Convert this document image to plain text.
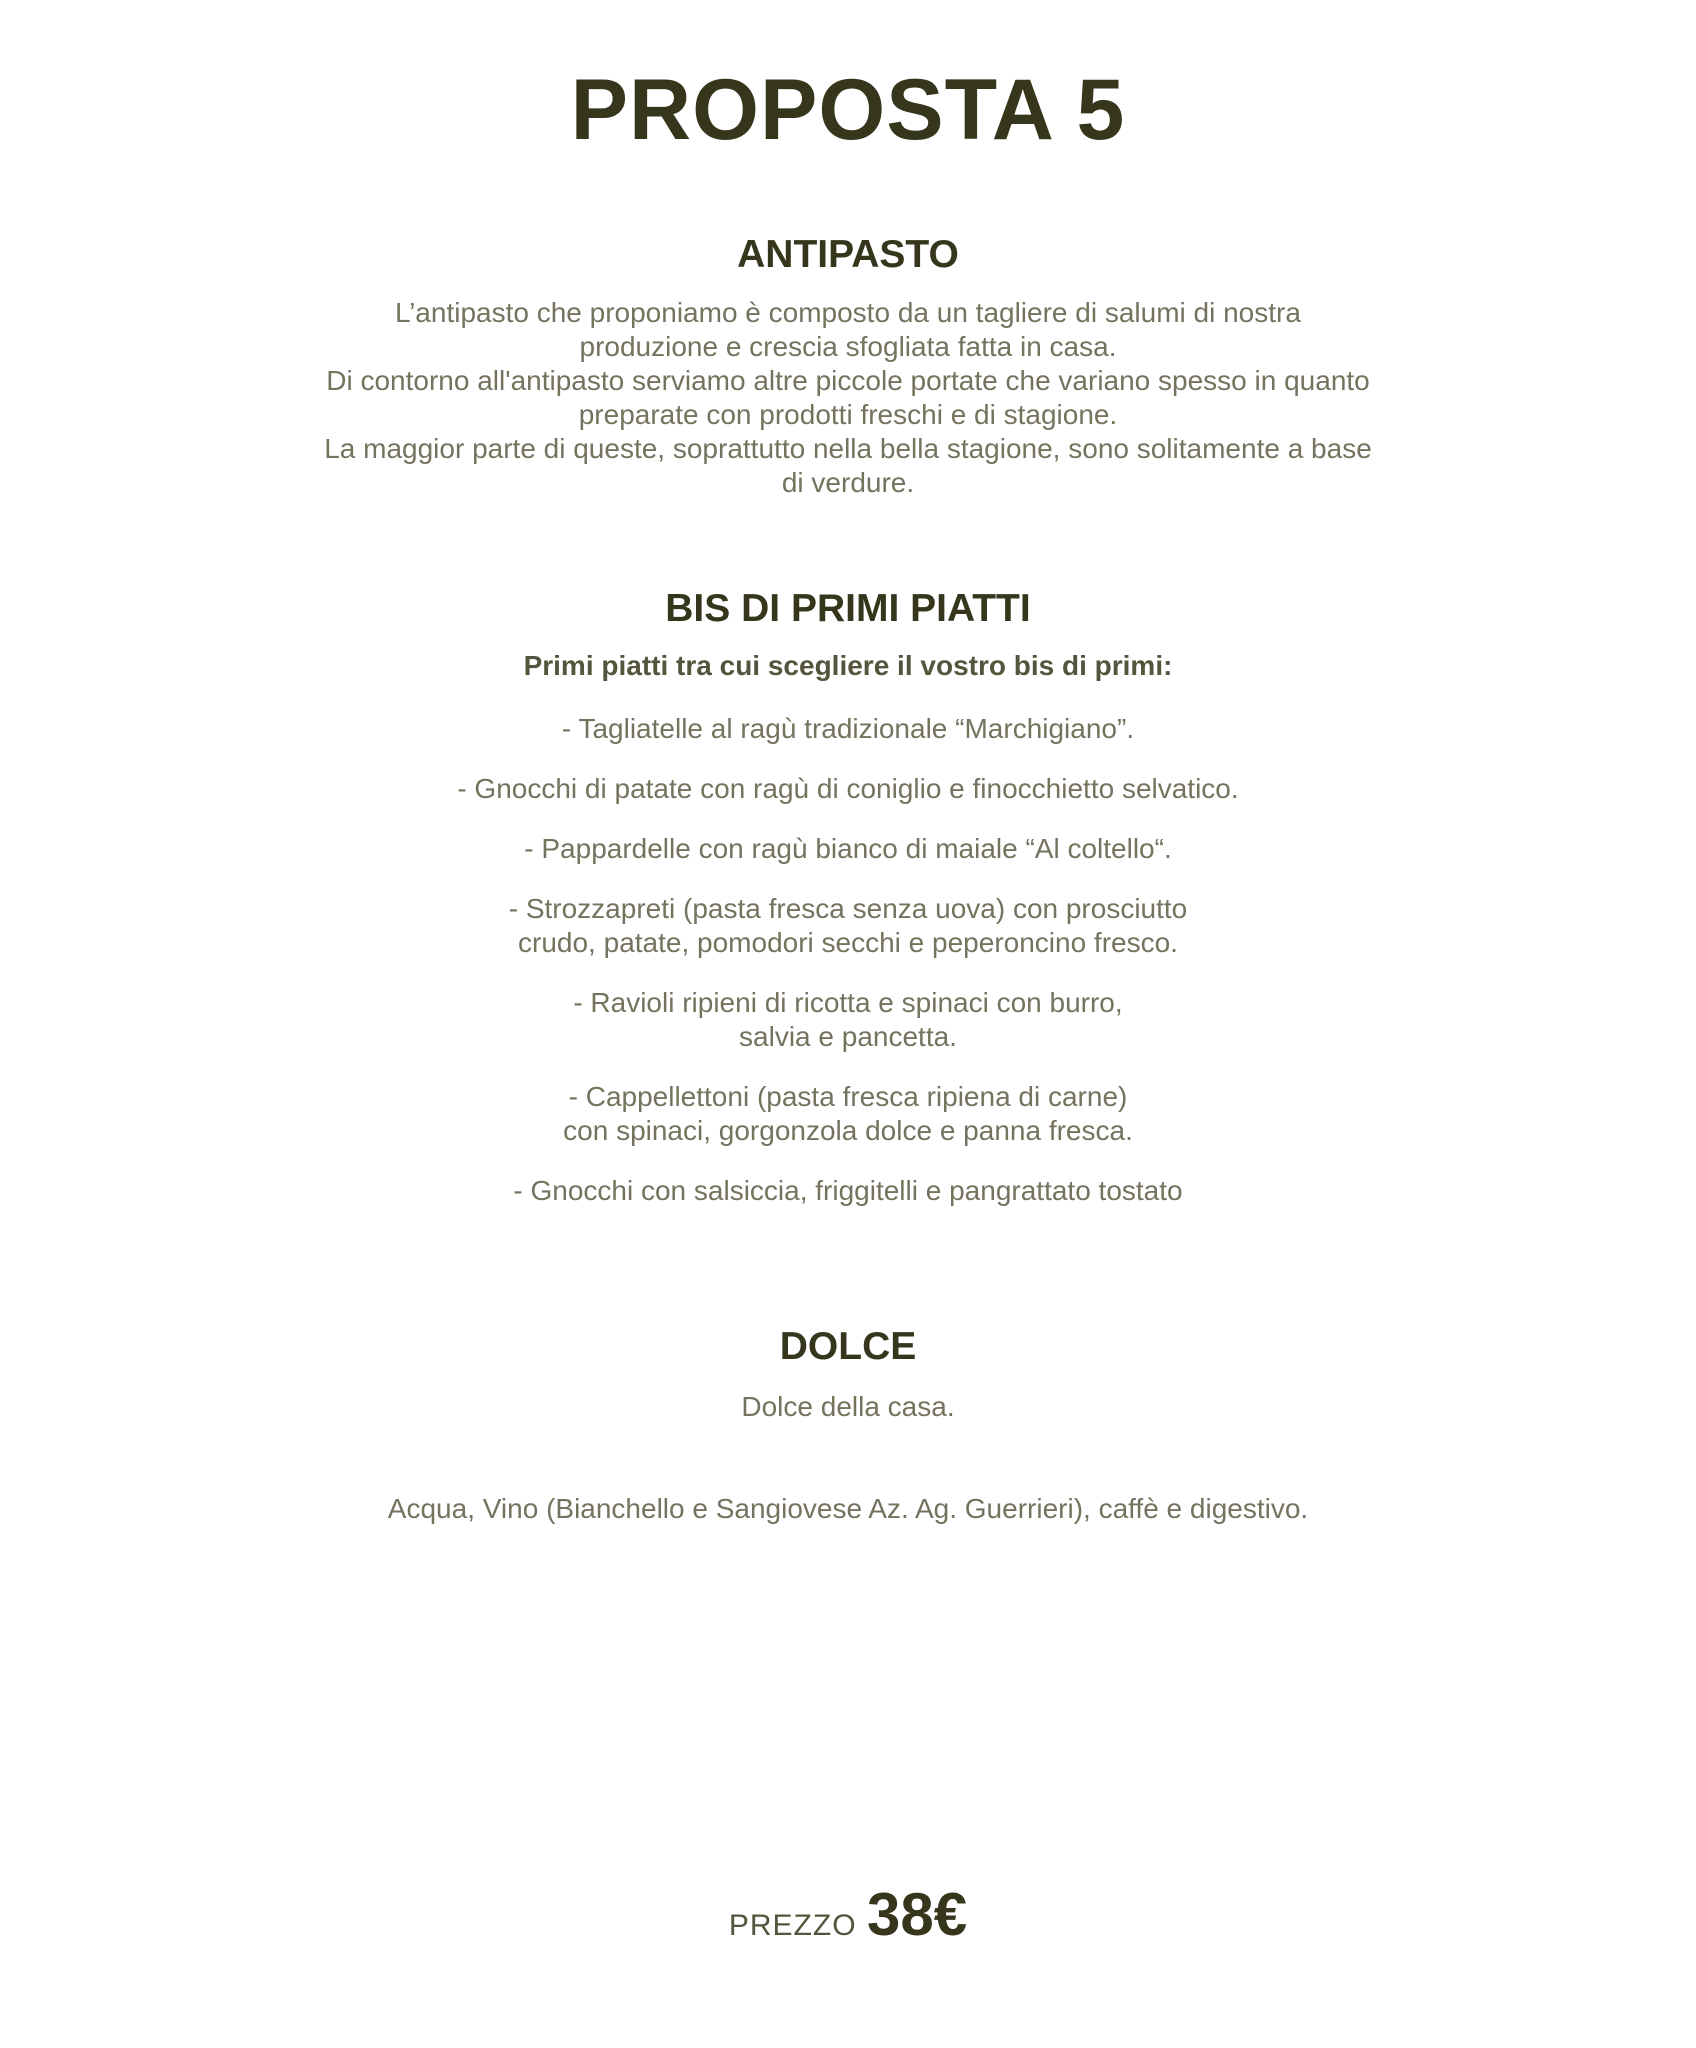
PROPOSTA 5
ANTIPASTO
L’antipasto che proponiamo è composto da un tagliere di salumi di nostra
produzione e crescia sfogliata fatta in casa.
Di contorno all'antipasto serviamo altre piccole portate che variano spesso in quanto
preparate con prodotti freschi e di stagione.
La maggior parte di queste, soprattutto nella bella stagione, sono solitamente a base
di verdure.
BIS DI PRIMI PIATTI

Primi piatti tra cui scegliere il vostro bis di primi:

- Tagliatelle al ragù tradizionale “Marchigiano”.
- Gnocchi di patate con ragù di coniglio e finocchietto selvatico.
- Pappardelle con ragù bianco di maiale “Al coltello“.
- Strozzapreti (pasta fresca senza uova) con prosciutto
crudo, patate, pomodori secchi e peperoncino fresco.
- Ravioli ripieni di ricotta e spinaci con burro,
salvia e pancetta.
- Cappellettoni (pasta fresca ripiena di carne)
con spinaci, gorgonzola dolce e panna fresca.
- Gnocchi con salsiccia, friggitelli e pangrattato tostato
DOLCE
Dolce della casa.
Acqua, Vino (Bianchello e Sangiovese Az. Ag. Guerrieri), caffè e digestivo.
PREZZO 38€
